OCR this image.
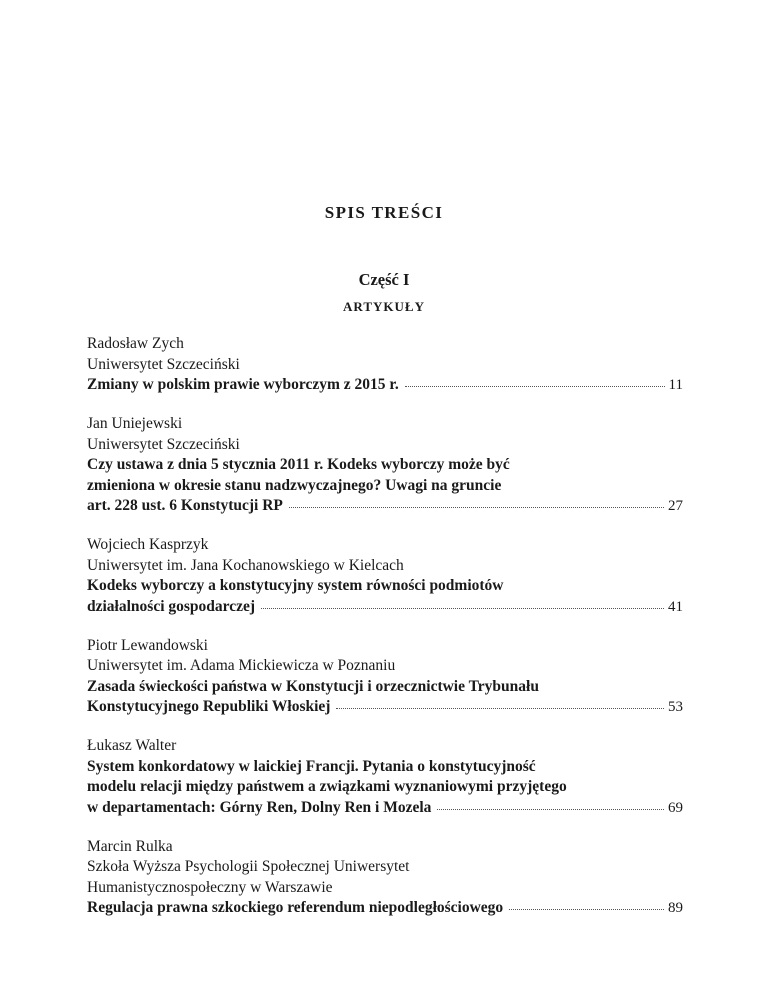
SPIS TREŚCI
Część I
ARTYKUŁY
Radosław Zych
Uniwersytet Szczeciński
Zmiany w polskim prawie wyborczym z 2015 r.	11
Jan Uniejewski
Uniwersytet Szczeciński
Czy ustawa z dnia 5 stycznia 2011 r. Kodeks wyborczy może być
zmieniona w okresie stanu nadzwyczajnego? Uwagi na gruncie
art. 228 ust. 6 Konstytucji RP	27
Wojciech Kasprzyk
Uniwersytet im. Jana Kochanowskiego w Kielcach
Kodeks wyborczy a konstytucyjny system równości podmiotów
działalności gospodarczej	41
Piotr Lewandowski
Uniwersytet im. Adama Mickiewicza w Poznaniu
Zasada świeckości państwa w Konstytucji i orzecznictwie Trybunału
Konstytucyjnego Republiki Włoskiej	53
Łukasz Walter
System konkordatowy w laickiej Francji. Pytania o konstytucyjność
modelu relacji między państwem a związkami wyznaniowymi przyjętego
w departamentach: Górny Ren, Dolny Ren i Mozela	69
Marcin Rulka
Szkoła Wyższa Psychologii Społecznej Uniwersytet
Humanistycznospołeczny w Warszawie
Regulacja prawna szkockiego referendum niepodległościowego	89
